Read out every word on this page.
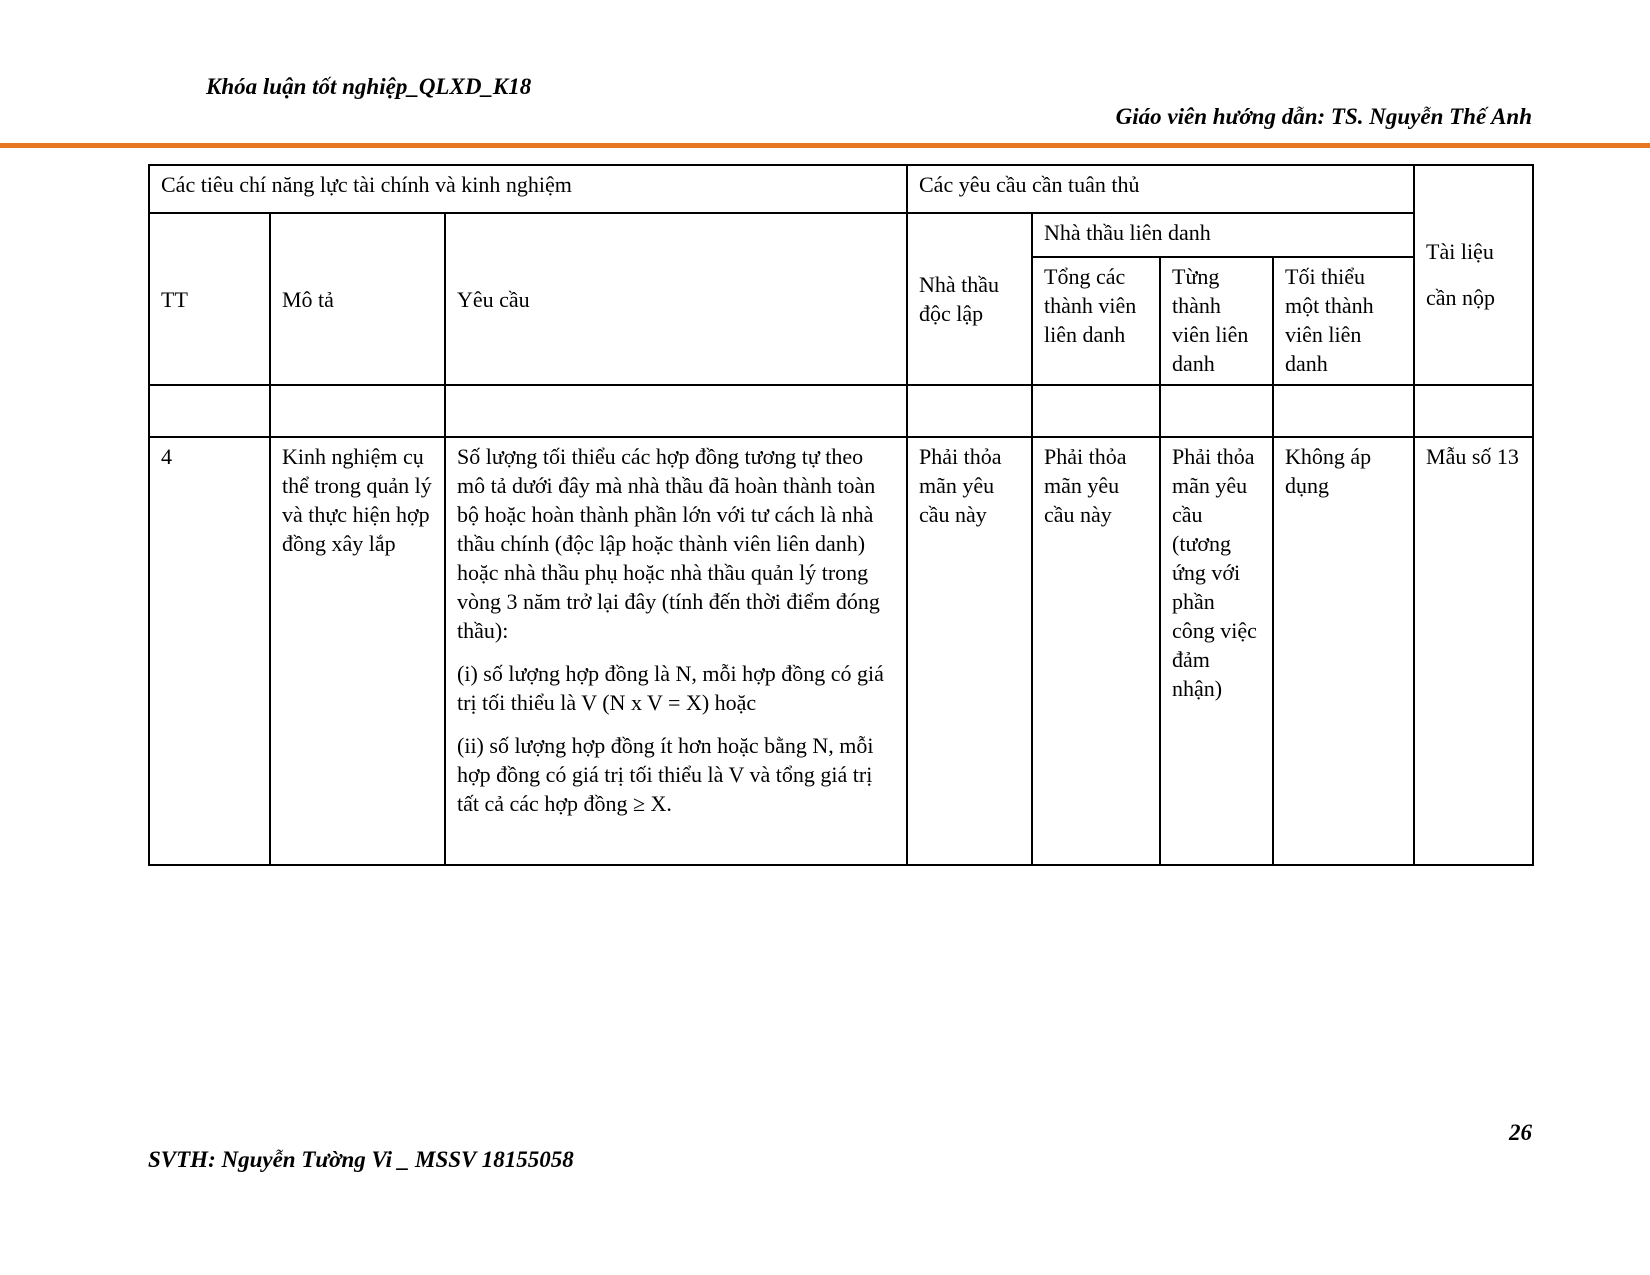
Khóa luận tốt nghiệp_QLXD_K18
Giáo viên hướng dẫn: TS. Nguyễn Thế Anh
Các tiêu chí năng lực tài chính và kinh nghiệm			Các yêu cầu cần tuân thủ				Tài liệu cần nộp
TT	Mô tả	Yêu cầu	Nhà thầu độc lập	Nhà thầu liên danh			
				Tổng các thành viên liên danh	Từng thành viên liên danh	Tối thiểu một thành viên liên danh	

4	Kinh nghiệm cụ thể trong quản lý và thực hiện hợp đồng xây lắp	Số lượng tối thiểu các hợp đồng tương tự theo mô tả dưới đây mà nhà thầu đã hoàn thành toàn bộ hoặc hoàn thành phần lớn với tư cách là nhà thầu chính (độc lập hoặc thành viên liên danh) hoặc nhà thầu phụ hoặc nhà thầu quản lý trong vòng 3 năm trở lại đây (tính đến thời điểm đóng thầu):

(i) số lượng hợp đồng là N, mỗi hợp đồng có giá trị tối thiểu là V (N x V = X) hoặc

(ii) số lượng hợp đồng ít hơn hoặc bằng N, mỗi hợp đồng có giá trị tối thiểu là V và tổng giá trị tất cả các hợp đồng ≥ X.	Phải thỏa mãn yêu cầu này	Phải thỏa mãn yêu cầu này	Phải thỏa mãn yêu cầu (tương ứng với phần công việc đảm nhận)	Không áp dụng	Mẫu số 13
SVTH: Nguyễn Tường Vi _ MSSV 18155058
26
